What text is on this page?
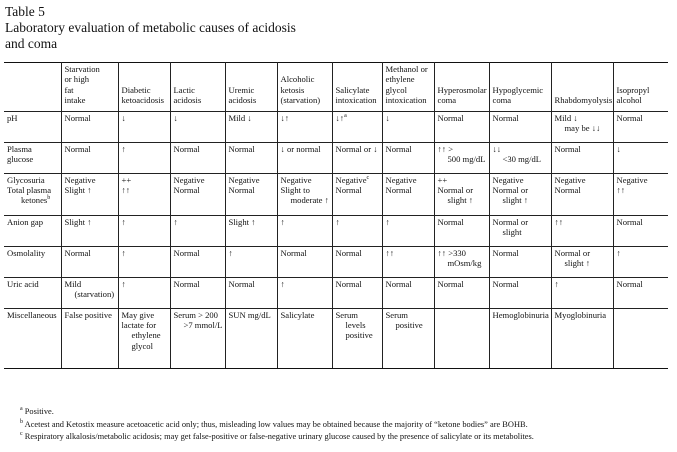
Table 5
Laboratory evaluation of metabolic causes of acidosis
and coma

	Starvation
or high
fat
intake	Diabetic
ketoacidosis	Lactic
acidosis	Uremic
acidosis	Alcoholic
ketosis
(starvation)	Salicylate
intoxication	Methanol or
ethylene
glycol
intoxication	Hyperosmolar
coma	Hypoglycemic
coma	Rhabdomyolysis	Isopropyl
alcohol

pH	Normal	↓	↓	Mild ↓	↓↑	↓↑$^a$	↓	Normal	Normal	Mild ↓
may be ↓↓	Normal
Plasma glucose	Normal	↑	Normal	Normal	↓ or normal	Normal or ↓	Normal	↑↑ >
500 mg/dL	↓↓
<30 mg/dL	Normal	↓

Glycosuria
Total plasma
ketones$^b$	Negative
Slight ↑	++
↑↑	Negative
Normal	Negative
Normal	Negative
Slight to
moderate ↑	Negative$^c$
Normal	Negative
Normal	++
Normal or
slight ↑	Negative
Normal or
slight ↑	Negative
Normal	Negative
↑↑

Anion gap	Slight ↑	↑	↑	Slight ↑	↑	↑	↑	Normal	Normal or
slight	↑↑	Normal
Osmolality	Normal	↑	Normal	↑	Normal	Normal	↑↑	↑↑ >330
mOsm/kg	Normal	Normal or
slight ↑	↑
Uric acid	Mild
(starvation)	↑	Normal	Normal	↑	Normal	Normal	Normal	Normal	↑	Normal
Miscellaneous	False positive	May give
lactate for
ethylene
glycol	Serum > 200
>7 mmol/L	SUN mg/dL	Salicylate	Serum
levels
positive	Serum
positive		Hemoglobinuria	Myoglobinuria	
$^a$ Positive.
$^b$ Acetest and Ketostix measure acetoacetic acid only; thus, misleading low values may be obtained because the majority of “ketone bodies” are BOHB.
$^c$ Respiratory alkalosis/metabolic acidosis; may get false-positive or false-negative urinary glucose caused by the presence of salicylate or its metabolites.
